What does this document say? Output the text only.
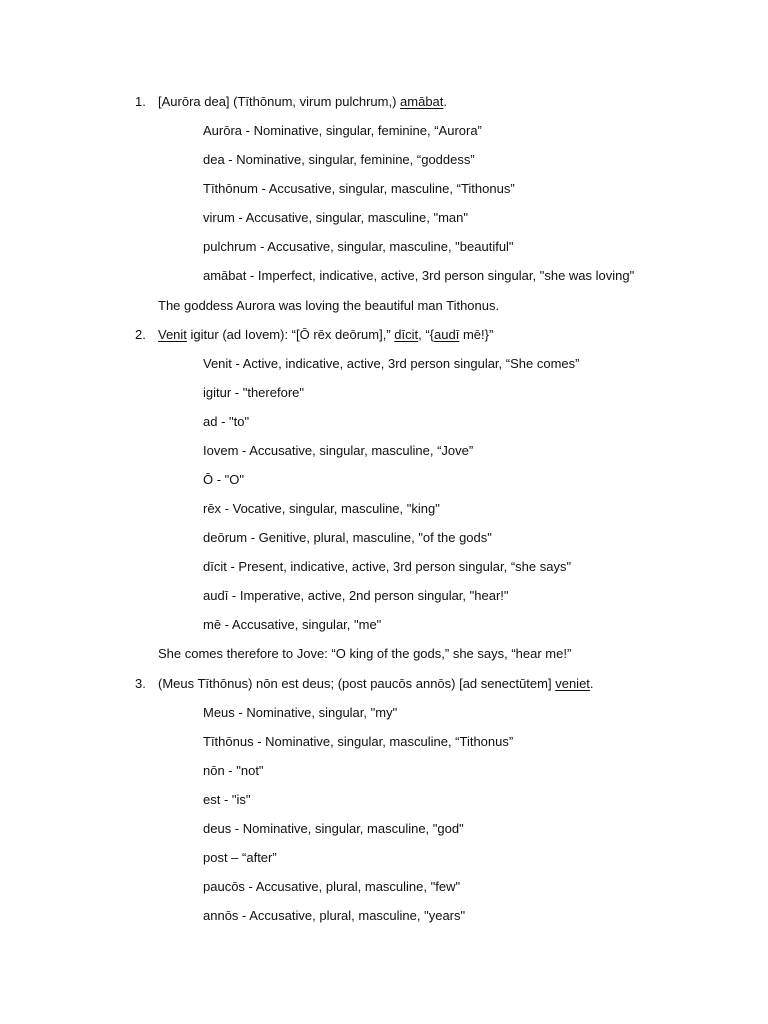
1. [Aurōra dea] (Tīthōnum, virum pulchrum,) amābat.
Aurōra - Nominative, singular, feminine, “Aurora”
dea - Nominative, singular, feminine, “goddess”
Tīthōnum - Accusative, singular, masculine, “Tithonus”
virum - Accusative, singular, masculine, "man"
pulchrum - Accusative, singular, masculine, "beautiful"
amābat - Imperfect, indicative, active, 3rd person singular, "she was loving"
The goddess Aurora was loving the beautiful man Tithonus.
2. Venit igitur (ad Iovem): “[Ō rēx deōrum],” dīcit, “{audī mē!}”
Venit - Active, indicative, active, 3rd person singular, “She comes”
igitur - "therefore"
ad - "to"
Iovem - Accusative, singular, masculine, “Jove”
Ō - "O"
rēx - Vocative, singular, masculine, "king"
deōrum - Genitive, plural, masculine, "of the gods"
dīcit - Present, indicative, active, 3rd person singular, “she says"
audī - Imperative, active, 2nd person singular, "hear!"
mē - Accusative, singular, "me"
She comes therefore to Jove: “O king of the gods,” she says, “hear me!”
3. (Meus Tīthōnus) nōn est deus; (post paucōs annōs) [ad senectūtem] veniet.
Meus - Nominative, singular, "my"
Tīthōnus - Nominative, singular, masculine, “Tithonus”
nōn - "not"
est - "is"
deus - Nominative, singular, masculine, "god"
post – “after”
paucōs - Accusative, plural, masculine, "few"
annōs - Accusative, plural, masculine, "years"
